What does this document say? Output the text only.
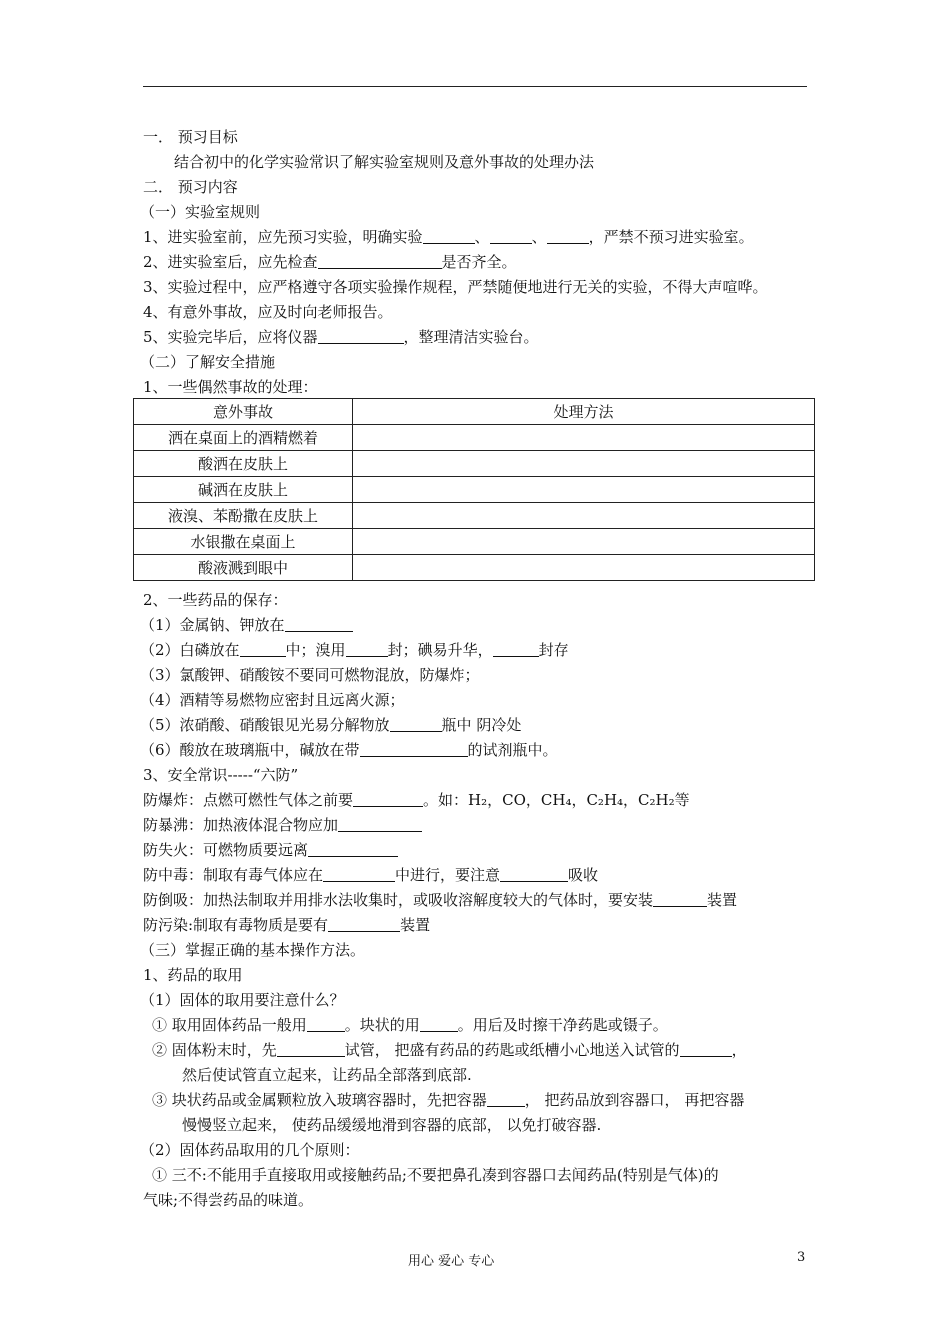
一． 预习目标
结合初中的化学实验常识了解实验室规则及意外事故的处理办法
二． 预习内容
（一）实验室规则
1、进实验室前，应先预习实验，明确实验	、	、	，严禁不预习进实验室。
2、进实验室后，应先检查	是否齐全。
3、实验过程中，应严格遵守各项实验操作规程，严禁随便地进行无关的实验，不得大声喧哗。
4、有意外事故，应及时向老师报告。
5、实验完毕后，应将仪器	，整理清洁实验台。
（二）了解安全措施
1、一些偶然事故的处理：
意外事故	处理方法
洒在桌面上的酒精燃着	
酸洒在皮肤上	
碱洒在皮肤上	
液溴、苯酚撒在皮肤上	
水银撒在桌面上	
酸液溅到眼中	
2、一些药品的保存：
（1）金属钠、钾放在
（2）白磷放在	中；溴用	封；碘易升华，	封存
（3）氯酸钾、硝酸铵不要同可燃物混放，防爆炸；
（4）酒精等易燃物应密封且远离火源；
（5）浓硝酸、硝酸银见光易分解物放	瓶中 阴冷处
（6）酸放在玻璃瓶中，碱放在带	的试剂瓶中。
3、安全常识-----“六防”
防爆炸：点燃可燃性气体之前要	。如：H₂，CO，CH₄，C₂H₄，C₂H₂等
防暴沸：加热液体混合物应加
防失火：可燃物质要远离
防中毒：制取有毒气体应在	中进行，要注意	吸收
防倒吸：加热法制取并用排水法收集时，或吸收溶解度较大的气体时，要安装	装置
防污染:制取有毒物质是要有	装置
（三）掌握正确的基本操作方法。
1、药品的取用
（1）固体的取用要注意什么？
① 取用固体药品一般用	。块状的用	。用后及时擦干净药匙或镊子。
② 固体粉末时，先	试管， 把盛有药品的药匙或纸槽小心地送入试管的	，
然后使试管直立起来，让药品全部落到底部.
③ 块状药品或金属颗粒放入玻璃容器时，先把容器	， 把药品放到容器口， 再把容器
慢慢竖立起来， 使药品缓缓地滑到容器的底部， 以免打破容器.
（2）固体药品取用的几个原则：
① 三不:不能用手直接取用或接触药品;不要把鼻孔凑到容器口去闻药品(特别是气体)的
气味;不得尝药品的味道。
用心 爱心 专心	3
